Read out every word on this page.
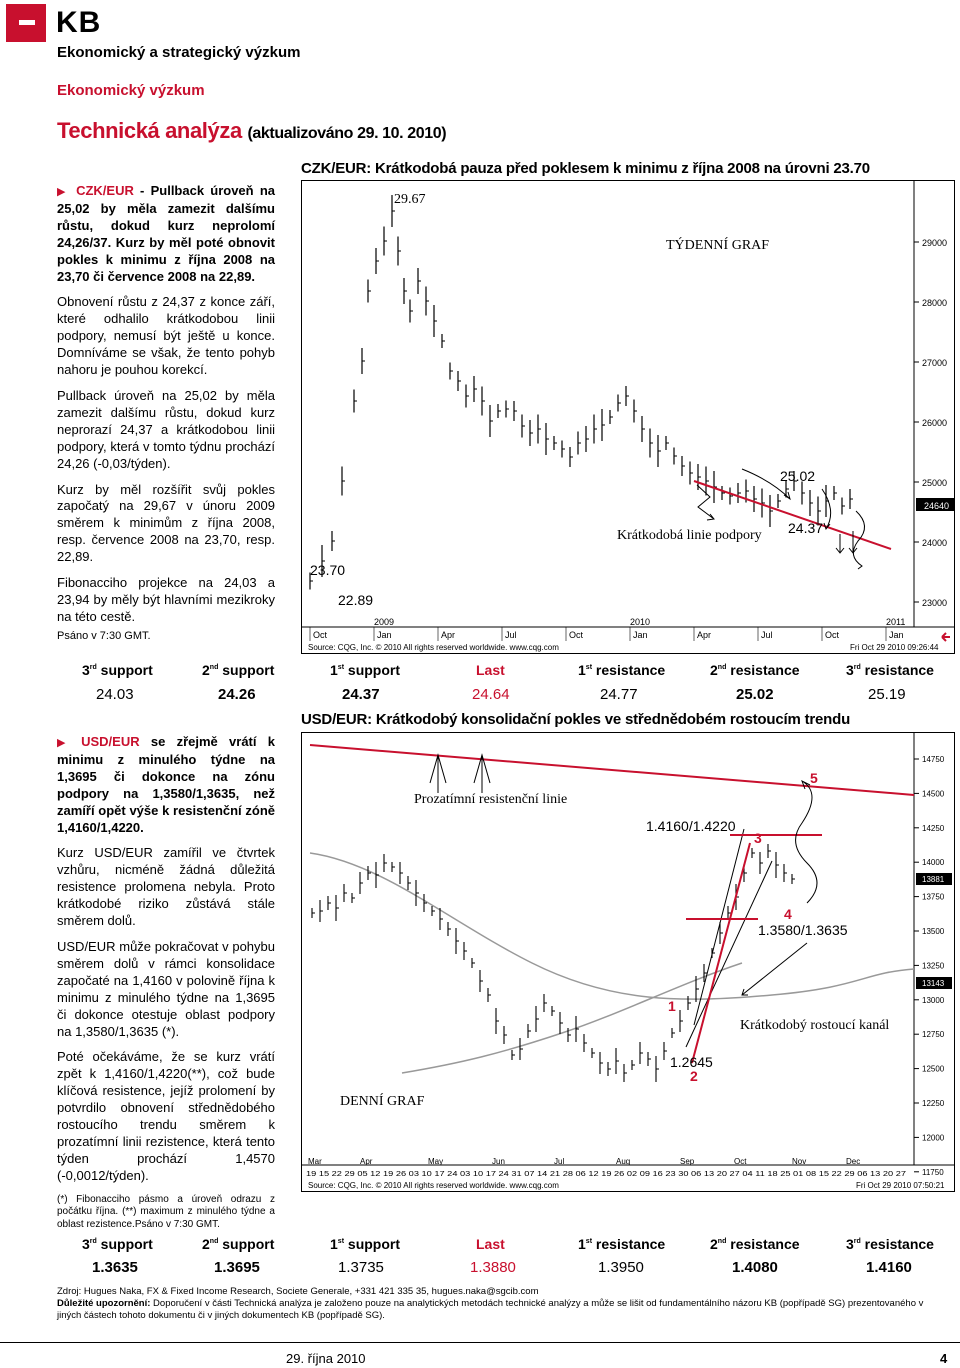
KB
Ekonomický a strategický výzkum
Ekonomický výzkum
Technická analýza (aktualizováno 29. 10. 2010)

▶ CZK/EUR - Pullback úroveň na 25,02 by měla zamezit dalšímu růstu, dokud kurz neprolomí 24,26/37. Kurz by měl poté obnovit pokles k minimu z října 2008 na 23,70 či července 2008 na 22,89.

Obnovení růstu z 24,37 z konce září, které odhalilo krátkodobou linii podpory, nemusí být ještě u konce. Domníváme se však, že tento pohyb nahoru je pouhou korekcí.

Pullback úroveň na 25,02 by měla zamezit dalšímu růstu, dokud kurz neprorazí 24,37 a krátkodobou linii podpory, která v tomto týdnu prochází 24,26 (-0,03/týden).

Kurz by měl rozšířit svůj pokles započatý na 29,67 v únoru 2009 směrem k minimům z října 2008, resp. července 2008 na 23,70, resp. 22,89.

Fibonacciho projekce na 24,03 a 23,94 by měly být hlavními mezikroky na této cestě.

Psáno v 7:30 GMT.

CZK/EUR: Krátkodobá pauza před poklesem k minimu z října 2008 na úrovni 23.70
29000
28000
27000
26000
25000
24640
24000
23000
Oct	Jan	Apr	Jul	Oct	Jan	Apr	Jul	Oct	Jan
2009	2010	2011
29.67
TÝDENNÍ GRAF
25.02
Krátkodobá linie podpory 24.37
23.70
22.89
Source: CQG, Inc. © 2010 All rights reserved worldwide. www.cqg.com	Fri Oct 29 2010 09:26:44
3rd support	2nd support	1st support	Last	1st resistance	2nd resistance	3rd resistance
24.03	24.26	24.37	24.64	24.77	25.02	25.19

▶ USD/EUR se zřejmě vrátí k minimu z minulého týdne na 1,3695 či dokonce na zónu podpory na 1,3580/1,3635, než zamíří opět výše k resistenční zóně 1,4160/1,4220.

Kurz USD/EUR zamířil ve čtvrtek vzhůru, nicméně žádná důležitá resistence prolomena nebyla. Proto krátkodobé riziko zůstává stále směrem dolů.

USD/EUR může pokračovat v pohybu směrem dolů v rámci konsolidace započaté na 1,4160 v polovině října k minimu z minulého týdne na 1,3695 či dokonce otestuje oblast podpory na 1,3580/1,3635 (*).

Poté očekáváme, že se kurz vrátí zpět k 1,4160/1,4220(**), což bude klíčová resistence, jejíž prolomení by potvrdilo obnovení střednědobého rostoucího trendu směrem k prozatímní linii rezistence, která tento týden prochází 1,4570 (-0,0012/týden).

(*) Fibonacciho pásmo a úroveň odrazu z počátku října. (**) maximum z minulého týdne a oblast rezistence.Psáno v 7:30 GMT.

USD/EUR: Krátkodobý konsolidační pokles ve střednědobém rostoucím trendu
14750
14500
14250
14000
13881
13750
13500
13250
13143
13000
12750
12500
12250
12000
11750
Prozatímní resistenční linie
1.4160/1.4220
1.3580/1.3635
Krátkodobý rostoucí kanál
1.2645
DENNÍ GRAF
1
2
3
4
5
Mar	Apr	May	Jun	Jul	Aug	Sep	Oct	Nov	Dec
19 15 22 29 05 12 19 26 03 10 17 24 03 10 17 24 31 07 14 21 28 06 12 19 26 02 09 16 23 30 06 13 20 27 04 11 18 25 01 08 15 22 29 06 13 20 27
Source: CQG, Inc. © 2010 All rights reserved worldwide. www.cqg.com	Fri Oct 29 2010 07:50:21
3rd support	2nd support	1st support	Last	1st resistance	2nd resistance	3rd resistance
1.3635	1.3695	1.3735	1.3880	1.3950	1.4080	1.4160
Zdroj: Hugues Naka, FX & Fixed Income Research, Societe Generale, +331 421 335 35, hugues.naka@sgcib.com
Důležité upozornění: Doporučení v části Technická analýza je založeno pouze na analytických metodách technické analýzy a může se lišit od fundamentálního názoru KB (popřípadě SG) prezentovaného v jiných částech tohoto dokumentu či v jiných dokumentech KB (popřípadě SG).
29. října 2010	4
